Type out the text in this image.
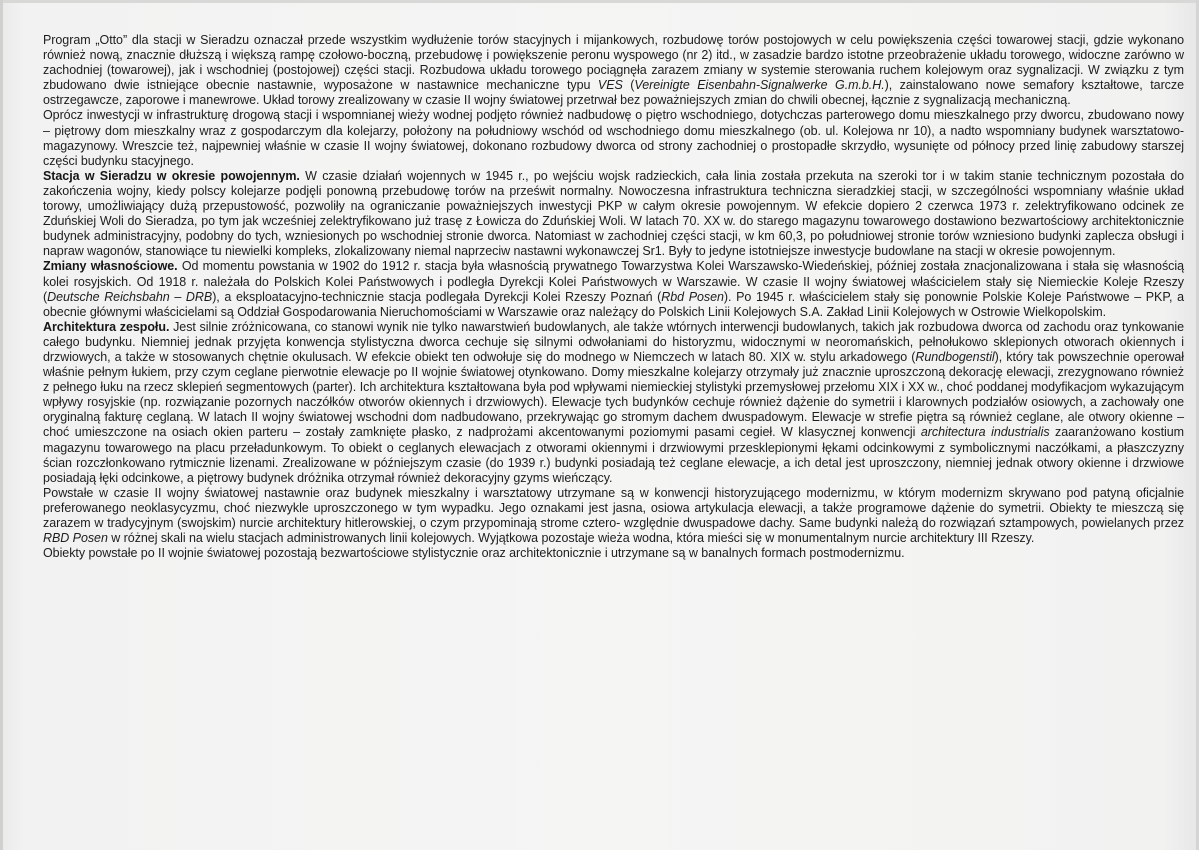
Program „Otto” dla stacji w Sieradzu oznaczał przede wszystkim wydłużenie torów stacyjnych i mijankowych, rozbudowę torów postojowych w celu powiększenia części towarowej stacji, gdzie wykonano również nową, znacznie dłuższą i większą rampę czołowo-boczną, przebudowę i powiększenie peronu wyspowego (nr 2) itd., w zasadzie bardzo istotne przeobrażenie układu torowego, widoczne zarówno w zachodniej (towarowej), jak i wschodniej (postojowej) części stacji. Rozbudowa układu torowego pociągnęła zarazem zmiany w systemie sterowania ruchem kolejowym oraz sygnalizacji. W związku z tym zbudowano dwie istniejące obecnie nastawnie, wyposażone w nastawnice mechaniczne typu VES (Vereinigte Eisenbahn-Signalwerke G.m.b.H.), zainstalowano nowe semafory kształtowe, tarcze ostrzegawcze, zaporowe i manewrowe. Układ torowy zrealizowany w czasie II wojny światowej przetrwał bez poważniejszych zmian do chwili obecnej, łącznie z sygnalizacją mechaniczną.

Oprócz inwestycji w infrastrukturę drogową stacji i wspomnianej wieży wodnej podjęto również nadbudowę o piętro wschodniego, dotychczas parterowego domu mieszkalnego przy dworcu, zbudowano nowy – piętrowy dom mieszkalny wraz z gospodarczym dla kolejarzy, położony na południowy wschód od wschodniego domu mieszkalnego (ob. ul. Kolejowa nr 10), a nadto wspomniany budynek warsztatowo-magazynowy. Wreszcie też, najpewniej właśnie w czasie II wojny światowej, dokonano rozbudowy dworca od strony zachodniej o prostopadłe skrzydło, wysunięte od północy przed linię zabudowy starszej części budynku stacyjnego.

Stacja w Sieradzu w okresie powojennym. W czasie działań wojennych w 1945 r., po wejściu wojsk radzieckich, cała linia została przekuta na szeroki tor i w takim stanie technicznym pozostała do zakończenia wojny, kiedy polscy kolejarze podjęli ponowną przebudowę torów na prześwit normalny. Nowoczesna infrastruktura techniczna sieradzkiej stacji, w szczególności wspomniany właśnie układ torowy, umożliwiający dużą przepustowość, pozwoliły na ograniczanie poważniejszych inwestycji PKP w całym okresie powojennym. W efekcie dopiero 2 czerwca 1973 r. zelektryfikowano odcinek ze Zduńskiej Woli do Sieradza, po tym jak wcześniej zelektryfikowano już trasę z Łowicza do Zduńskiej Woli. W latach 70. XX w. do starego magazynu towarowego dostawiono bezwartościowy architektonicznie budynek administracyjny, podobny do tych, wzniesionych po wschodniej stronie dworca. Natomiast w zachodniej części stacji, w km 60,3, po południowej stronie torów wzniesiono budynki zaplecza obsługi i napraw wagonów, stanowiące tu niewielki kompleks, zlokalizowany niemal naprzeciw nastawni wykonawczej Sr1. Były to jedyne istotniejsze inwestycje budowlane na stacji w okresie powojennym.

Zmiany własnościowe. Od momentu powstania w 1902 do 1912 r. stacja była własnością prywatnego Towarzystwa Kolei Warszawsko-Wiedeńskiej, później została znacjonalizowana i stała się własnością kolei rosyjskich. Od 1918 r. należała do Polskich Kolei Państwowych i podległa Dyrekcji Kolei Państwowych w Warszawie. W czasie II wojny światowej właścicielem stały się Niemieckie Koleje Rzeszy (Deutsche Reichsbahn – DRB), a eksploatacyjno-technicznie stacja podlegała Dyrekcji Kolei Rzeszy Poznań (Rbd Posen). Po 1945 r. właścicielem stały się ponownie Polskie Koleje Państwowe – PKP, a obecnie głównymi właścicielami są Oddział Gospodarowania Nieruchomościami w Warszawie oraz należący do Polskich Linii Kolejowych S.A. Zakład Linii Kolejowych w Ostrowie Wielkopolskim.

Architektura zespołu. Jest silnie zróżnicowana, co stanowi wynik nie tylko nawarstwień budowlanych, ale także wtórnych interwencji budowlanych, takich jak rozbudowa dworca od zachodu oraz tynkowanie całego budynku. Niemniej jednak przyjęta konwencja stylistyczna dworca cechuje się silnymi odwołaniami do historyzmu, widocznymi w neoromańskich, pełnołukowo sklepionych otworach okiennych i drzwiowych, a także w stosowanych chętnie okulusach. W efekcie obiekt ten odwołuje się do modnego w Niemczech w latach 80. XIX w. stylu arkadowego (Rundbogenstil), który tak powszechnie operował właśnie pełnym łukiem, przy czym ceglane pierwotnie elewacje po II wojnie światowej otynkowano. Domy mieszkalne kolejarzy otrzymały już znacznie uproszczoną dekorację elewacji, zrezygnowano również z pełnego łuku na rzecz sklepień segmentowych (parter). Ich architektura kształtowana była pod wpływami niemieckiej stylistyki przemysłowej przełomu XIX i XX w., choć poddanej modyfikacjom wykazującym wpływy rosyjskie (np. rozwiązanie pozornych naczółków otworów okiennych i drzwiowych). Elewacje tych budynków cechuje również dążenie do symetrii i klarownych podziałów osiowych, a zachowały one oryginalną fakturę ceglaną. W latach II wojny światowej wschodni dom nadbudowano, przekrywając go stromym dachem dwuspadowym. Elewacje w strefie piętra są również ceglane, ale otwory okienne – choć umieszczone na osiach okien parteru – zostały zamknięte płasko, z nadprożami akcentowanymi poziomymi pasami cegieł. W klasycznej konwencji architectura industrialis zaaranżowano kostium magazynu towarowego na placu przeładunkowym. To obiekt o ceglanych elewacjach z otworami okiennymi i drzwiowymi przesklepionymi łękami odcinkowymi z symbolicznymi naczółkami, a płaszczyzny ścian rozczłonkowano rytmicznie lizenami. Zrealizowane w późniejszym czasie (do 1939 r.) budynki posiadają też ceglane elewacje, a ich detal jest uproszczony, niemniej jednak otwory okienne i drzwiowe posiadają łęki odcinkowe, a piętrowy budynek dróżnika otrzymał również dekoracyjny gzyms wieńczący.

Powstałe w czasie II wojny światowej nastawnie oraz budynek mieszkalny i warsztatowy utrzymane są w konwencji historyzującego modernizmu, w którym modernizm skrywano pod patyną oficjalnie preferowanego neoklasycyzmu, choć niezwykle uproszczonego w tym wypadku. Jego oznakami jest jasna, osiowa artykulacja elewacji, a także programowe dążenie do symetrii. Obiekty te mieszczą się zarazem w tradycyjnym (swojskim) nurcie architektury hitlerowskiej, o czym przypominają strome cztero- względnie dwuspadowe dachy. Same budynki należą do rozwiązań sztampowych, powielanych przez RBD Posen w różnej skali na wielu stacjach administrowanych linii kolejowych. Wyjątkowa pozostaje wieża wodna, która mieści się w monumentalnym nurcie architektury III Rzeszy.

Obiekty powstałe po II wojnie światowej pozostają bezwartościowe stylistycznie oraz architektonicznie i utrzymane są w banalnych formach postmodernizmu.
